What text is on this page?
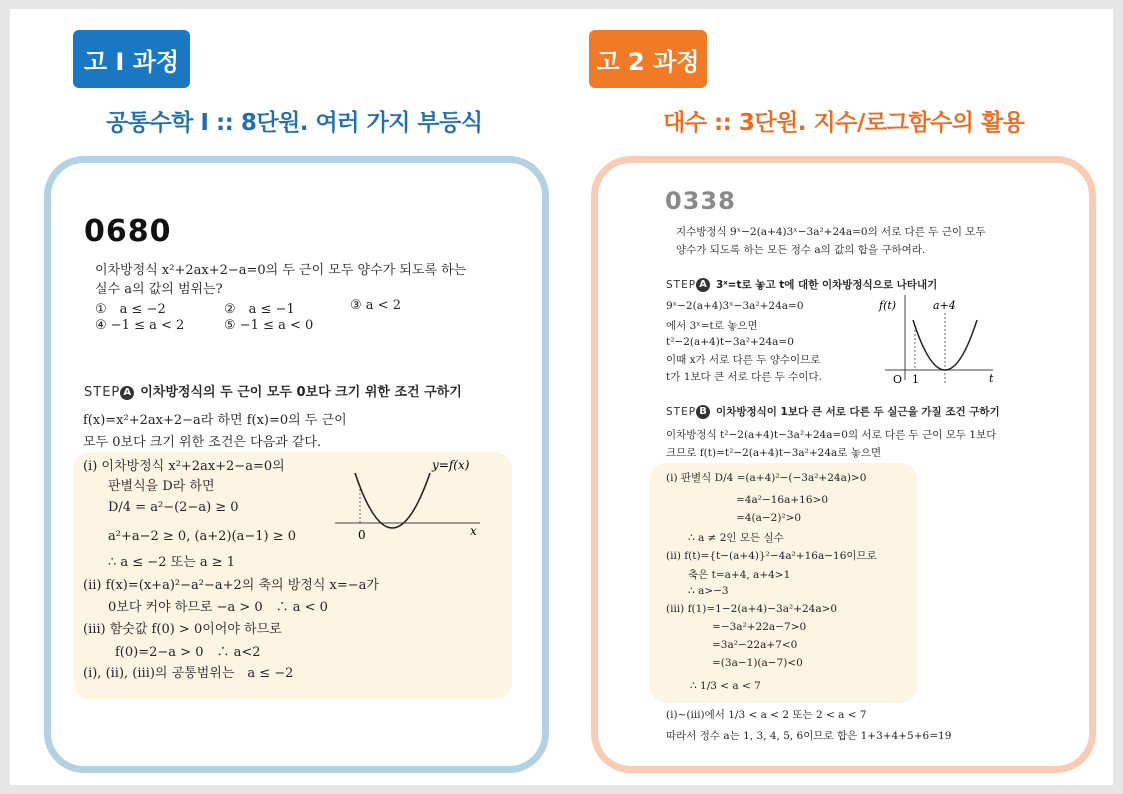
고 I 과정	고 2 과정
공통수학 I :: 8단원. 여러 가지 부등식	대수 :: 3단원. 지수/로그함수의 활용
0680
이차방정식 x²+2ax+2−a=0의 두 근이 모두 양수가 되도록 하는
실수 a의 값의 범위는?
①　a ≤ −2	②　a ≤ −1	③ a < 2
④ −1 ≤ a < 2	⑤ −1 ≤ a < 0
STEP A 이차방정식의 두 근이 모두 0보다 크기 위한 조건 구하기
f(x)=x²+2ax+2−a라 하면 f(x)=0의 두 근이
모두 0보다 크기 위한 조건은 다음과 같다.
(ⅰ) 이차방정식 x²+2ax+2−a=0의
판별식을 D라 하면
D/4 = a²−(2−a) ≥ 0
a²+a−2 ≥ 0, (a+2)(a−1) ≥ 0
∴ a ≤ −2 또는 a ≥ 1
(ⅱ) f(x)=(x+a)²−a²−a+2의 축의 방정식 x=−a가
0보다 커야 하므로 −a > 0　∴ a < 0
(ⅲ) 함숫값 f(0) > 0이어야 하므로
f(0)=2−a > 0　∴ a<2
(ⅰ), (ⅱ), (ⅲ)의 공통범위는　a ≤ −2
y=f(x)
0	x
0338
지수방정식 9ˣ−2(a+4)3ˣ−3a²+24a=0의 서로 다른 두 근이 모두
양수가 되도록 하는 모든 정수 a의 값의 합을 구하여라.
STEP A 3ˣ=t로 놓고 t에 대한 이차방정식으로 나타내기
9ˣ−2(a+4)3ˣ−3a²+24a=0
에서 3ˣ=t로 놓으면
t²−2(a+4)t−3a²+24a=0
이때 x가 서로 다른 두 양수이므로
t가 1보다 큰 서로 다른 두 수이다.
f(t)	a+4
O 1	t
STEP B 이차방정식이 1보다 큰 서로 다른 두 실근을 가질 조건 구하기
이차방정식 t²−2(a+4)t−3a²+24a=0의 서로 다른 두 근이 모두 1보다
크므로 f(t)=t²−2(a+4)t−3a²+24a로 놓으면
(ⅰ) 판별식 D/4 =(a+4)²−(−3a²+24a)>0
=4a²−16a+16>0
=4(a−2)²>0
∴ a ≠ 2인 모든 실수
(ⅱ) f(t)={t−(a+4)}²−4a²+16a−16이므로
축은 t=a+4, a+4>1
∴ a>−3
(ⅲ) f(1)=1−2(a+4)−3a²+24a>0
=−3a²+22a−7>0
=3a²−22a+7<0
=(3a−1)(a−7)<0
∴ 1/3 < a < 7
(ⅰ)~(ⅲ)에서 1/3 < a < 2 또는 2 < a < 7
따라서 정수 a는 1, 3, 4, 5, 6이므로 합은 1+3+4+5+6=19
